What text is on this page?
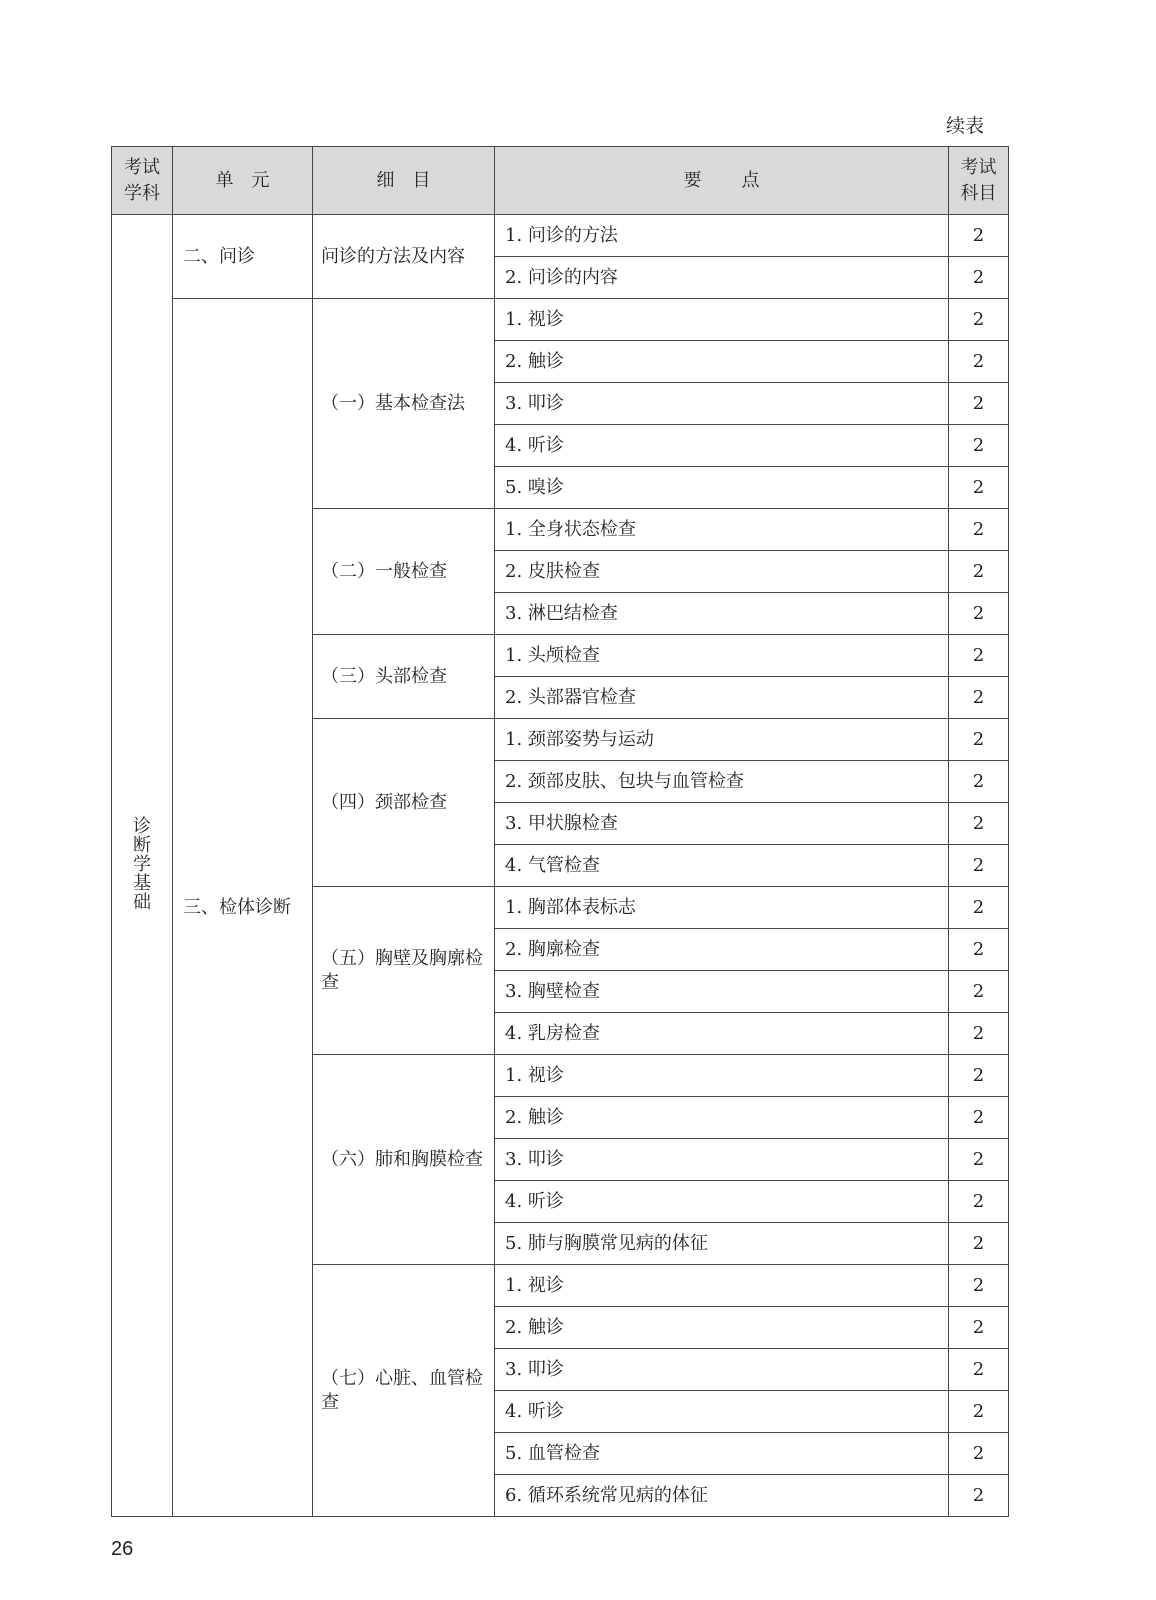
续表
考试学科	单元	细目	要点	考试科目
诊断学基础	二、问诊	问诊的方法及内容	1. 问诊的方法	2
			2. 问诊的内容	2
	三、检体诊断	（一）基本检查法	1. 视诊	2
			2. 触诊	2
			3. 叩诊	2
			4. 听诊	2
			5. 嗅诊	2
		（二）一般检查	1. 全身状态检查	2
			2. 皮肤检查	2
			3. 淋巴结检查	2
		（三）头部检查	1. 头颅检查	2
			2. 头部器官检查	2
		（四）颈部检查	1. 颈部姿势与运动	2
			2. 颈部皮肤、包块与血管检查	2
			3. 甲状腺检查	2
			4. 气管检查	2
		（五）胸壁及胸廓检查	1. 胸部体表标志	2
			2. 胸廓检查	2
			3. 胸壁检查	2
			4. 乳房检查	2
		（六）肺和胸膜检查	1. 视诊	2
			2. 触诊	2
			3. 叩诊	2
			4. 听诊	2
			5. 肺与胸膜常见病的体征	2
		（七）心脏、血管检查	1. 视诊	2
			2. 触诊	2
			3. 叩诊	2
			4. 听诊	2
			5. 血管检查	2
			6. 循环系统常见病的体征	2
26
